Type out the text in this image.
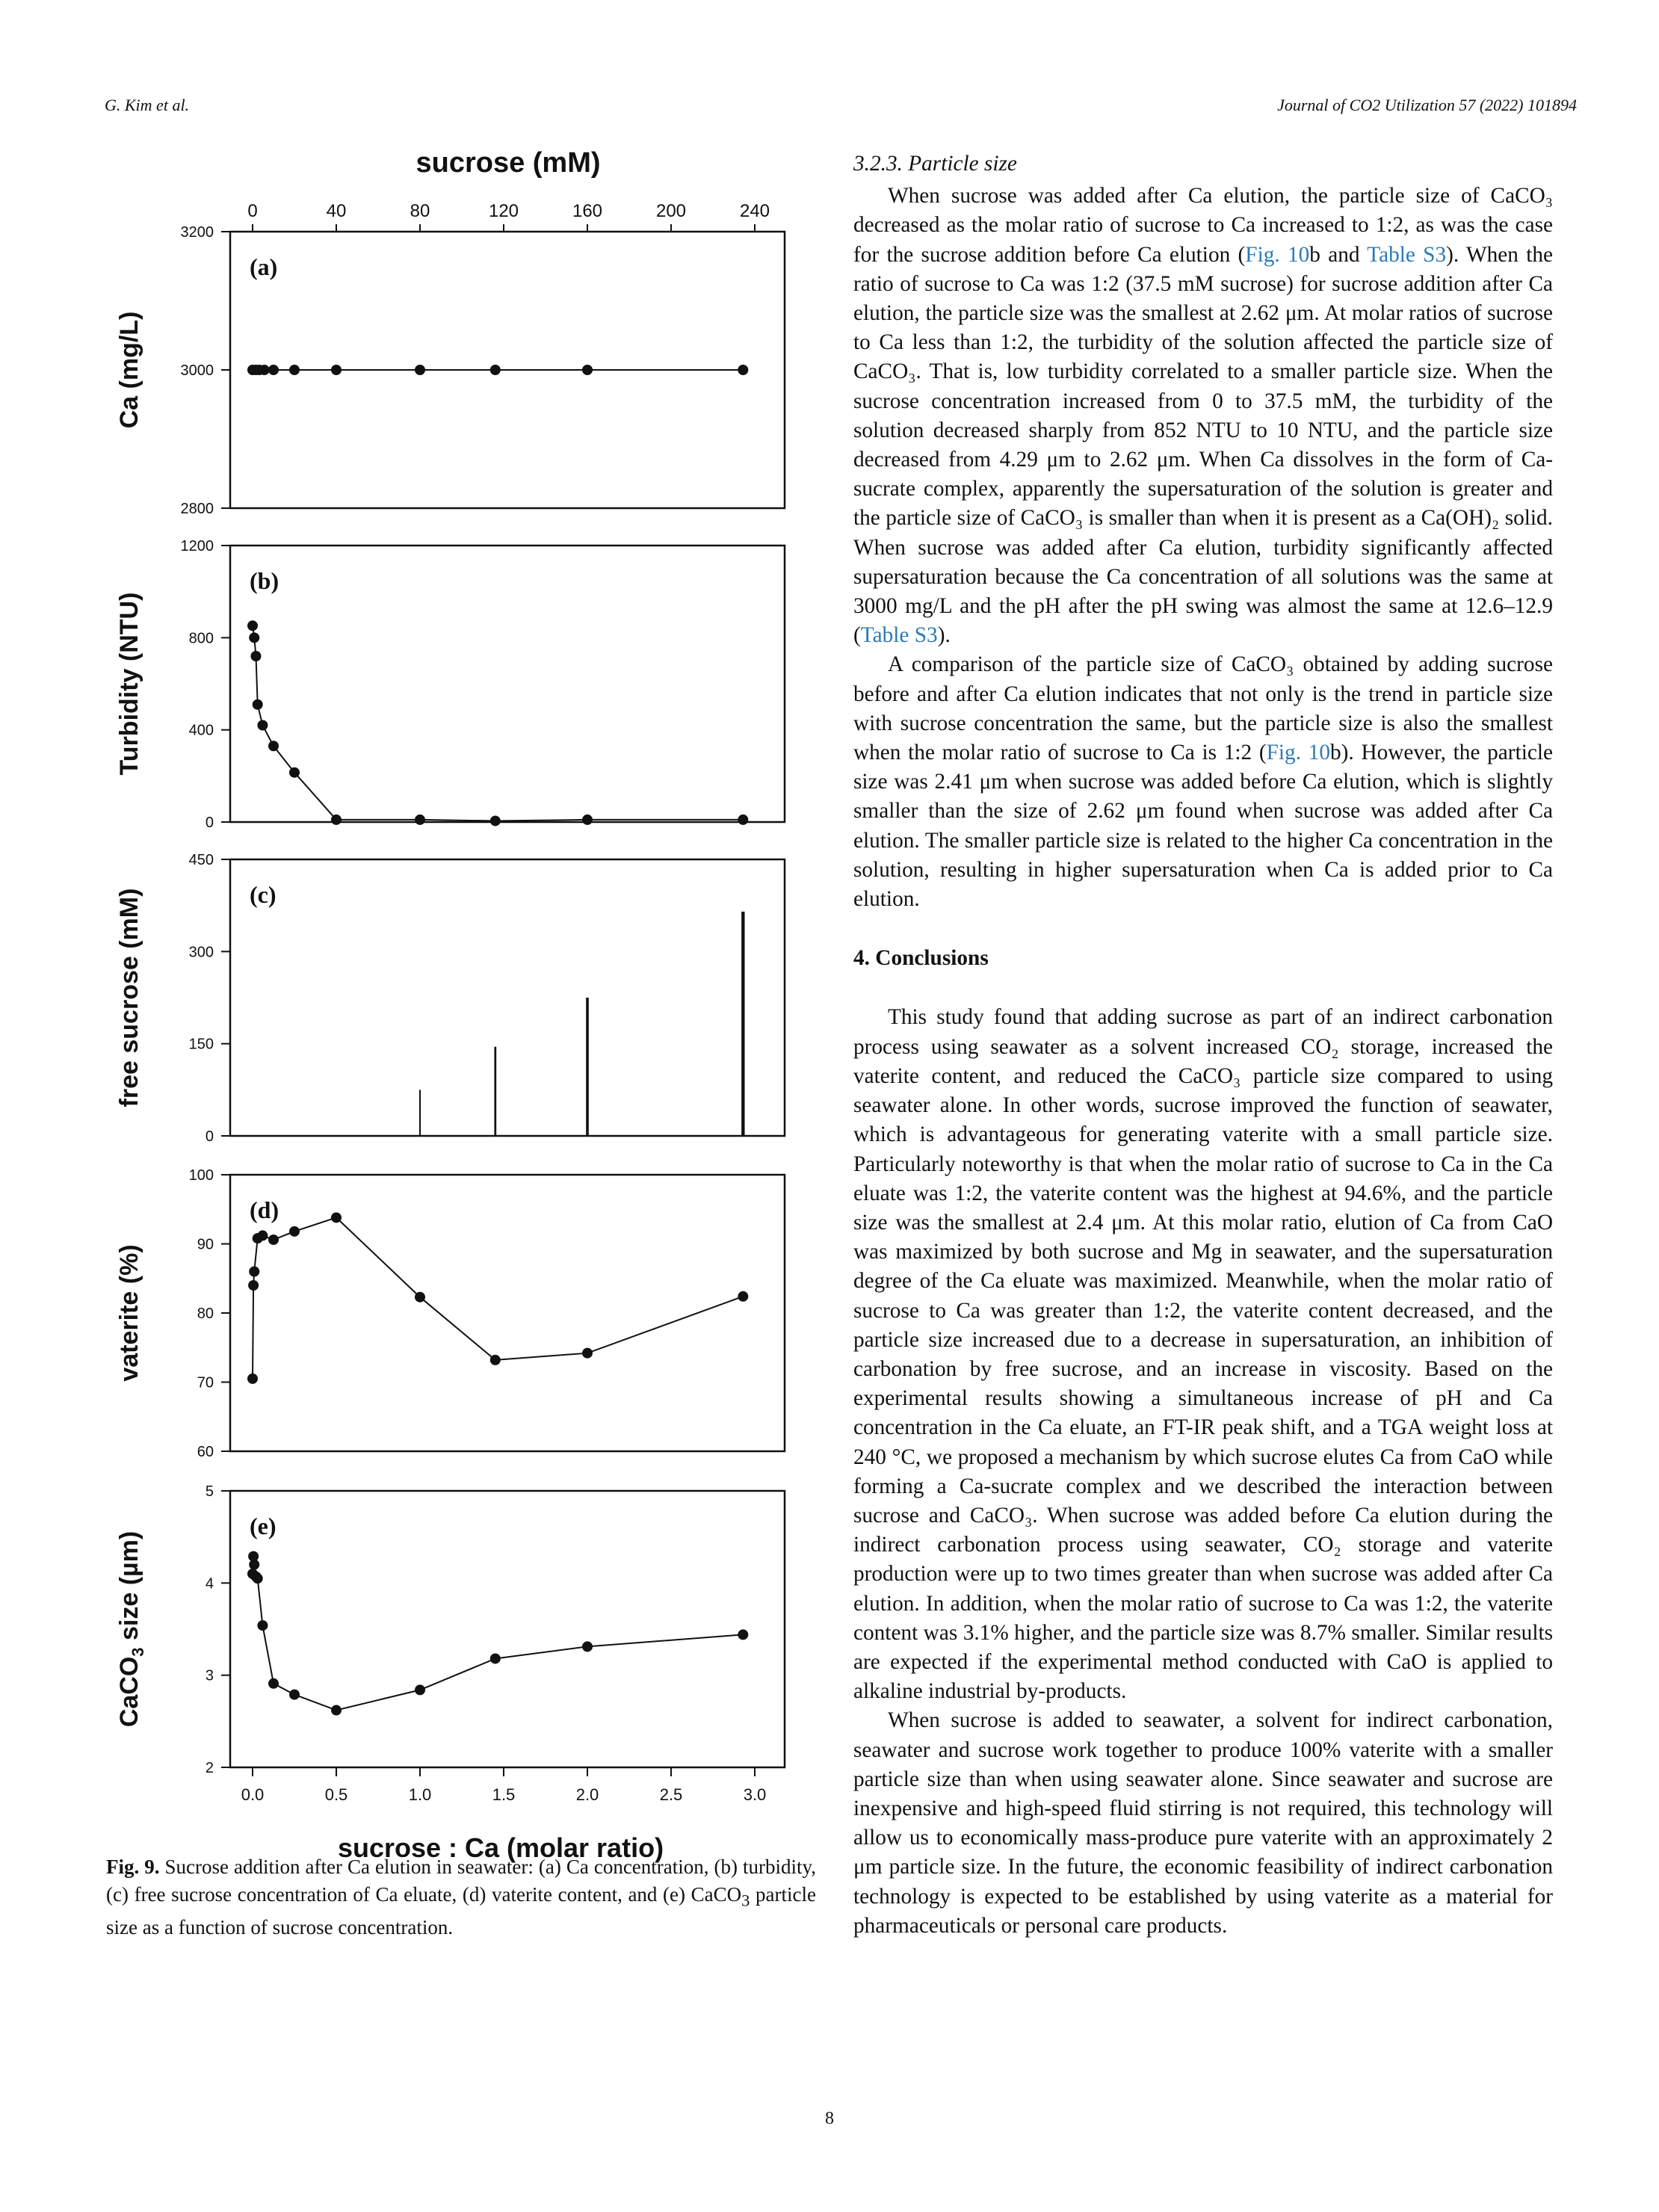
G. Kim et al.	Journal of CO2 Utilization 57 (2022) 101894
sucrose (mM)
0	40	80	120	160	200	240
2800
3000
3200
Ca (mg/L)
(a)
0
400
800
1200
Turbidity (NTU)
(b)
0
150
300
450
free sucrose (mM)	(c)
60
70
80
90
100
vaterite (%)
(d)
2
3
4
5
CaCO$_3$ size (µm)
(e)
0.0	0.5	1.0	1.5	2.0	2.5	3.0
sucrose : Ca (molar ratio)
Fig. 9. Sucrose addition after Ca elution in seawater: (a) Ca concentration, (b) turbidity, (c) free sucrose concentration of Ca eluate, (d) vaterite content, and (e) CaCO$_3$ particle size as a function of sucrose concentration.
3.2.3. Particle size

When sucrose was added after Ca elution, the particle size of CaCO₃ decreased as the molar ratio of sucrose to Ca increased to 1:2, as was the case for the sucrose addition before Ca elution (Fig. 10b and Table S3). When the ratio of sucrose to Ca was 1:2 (37.5 mM sucrose) for sucrose addition after Ca elution, the particle size was the smallest at 2.62 μm. At molar ratios of sucrose to Ca less than 1:2, the turbidity of the solution affected the particle size of CaCO₃. That is, low turbidity correlated to a smaller particle size. When the sucrose concentration increased from 0 to 37.5 mM, the turbidity of the solution decreased sharply from 852 NTU to 10 NTU, and the particle size decreased from 4.29 μm to 2.62 μm. When Ca dissolves in the form of Ca-sucrate complex, apparently the supersaturation of the solution is greater and the particle size of CaCO₃ is smaller than when it is present as a Ca(OH)₂ solid. When sucrose was added after Ca elution, turbidity significantly affected supersaturation because the Ca concentration of all solutions was the same at 3000 mg/L and the pH after the pH swing was almost the same at 12.6–12.9 (Table S3).

A comparison of the particle size of CaCO₃ obtained by adding sucrose before and after Ca elution indicates that not only is the trend in particle size with sucrose concentration the same, but the particle size is also the smallest when the molar ratio of sucrose to Ca is 1:2 (Fig. 10b). However, the particle size was 2.41 μm when sucrose was added before Ca elution, which is slightly smaller than the size of 2.62 μm found when sucrose was added after Ca elution. The smaller particle size is related to the higher Ca concentration in the solution, resulting in higher supersaturation when Ca is added prior to Ca elution.

4. Conclusions

This study found that adding sucrose as part of an indirect carbonation process using seawater as a solvent increased CO₂ storage, increased the vaterite content, and reduced the CaCO₃ particle size compared to using seawater alone. In other words, sucrose improved the function of seawater, which is advantageous for generating vaterite with a small particle size. Particularly noteworthy is that when the molar ratio of sucrose to Ca in the Ca eluate was 1:2, the vaterite content was the highest at 94.6%, and the particle size was the smallest at 2.4 μm. At this molar ratio, elution of Ca from CaO was maximized by both sucrose and Mg in seawater, and the supersaturation degree of the Ca eluate was maximized. Meanwhile, when the molar ratio of sucrose to Ca was greater than 1:2, the vaterite content decreased, and the particle size increased due to a decrease in supersaturation, an inhibition of carbonation by free sucrose, and an increase in viscosity. Based on the experimental results showing a simultaneous increase of pH and Ca concentration in the Ca eluate, an FT-IR peak shift, and a TGA weight loss at 240 °C, we proposed a mechanism by which sucrose elutes Ca from CaO while forming a Ca-sucrate complex and we described the interaction between sucrose and CaCO₃. When sucrose was added before Ca elution during the indirect carbonation process using seawater, CO₂ storage and vaterite production were up to two times greater than when sucrose was added after Ca elution. In addition, when the molar ratio of sucrose to Ca was 1:2, the vaterite content was 3.1% higher, and the particle size was 8.7% smaller. Similar results are expected if the experimental method conducted with CaO is applied to alkaline industrial by-products.

When sucrose is added to seawater, a solvent for indirect carbonation, seawater and sucrose work together to produce 100% vaterite with a smaller particle size than when using seawater alone. Since seawater and sucrose are inexpensive and high-speed fluid stirring is not required, this technology will allow us to economically mass-produce pure vaterite with an approximately 2 μm particle size. In the future, the economic feasibility of indirect carbonation technology is expected to be established by using vaterite as a material for pharmaceuticals or personal care products.

8
